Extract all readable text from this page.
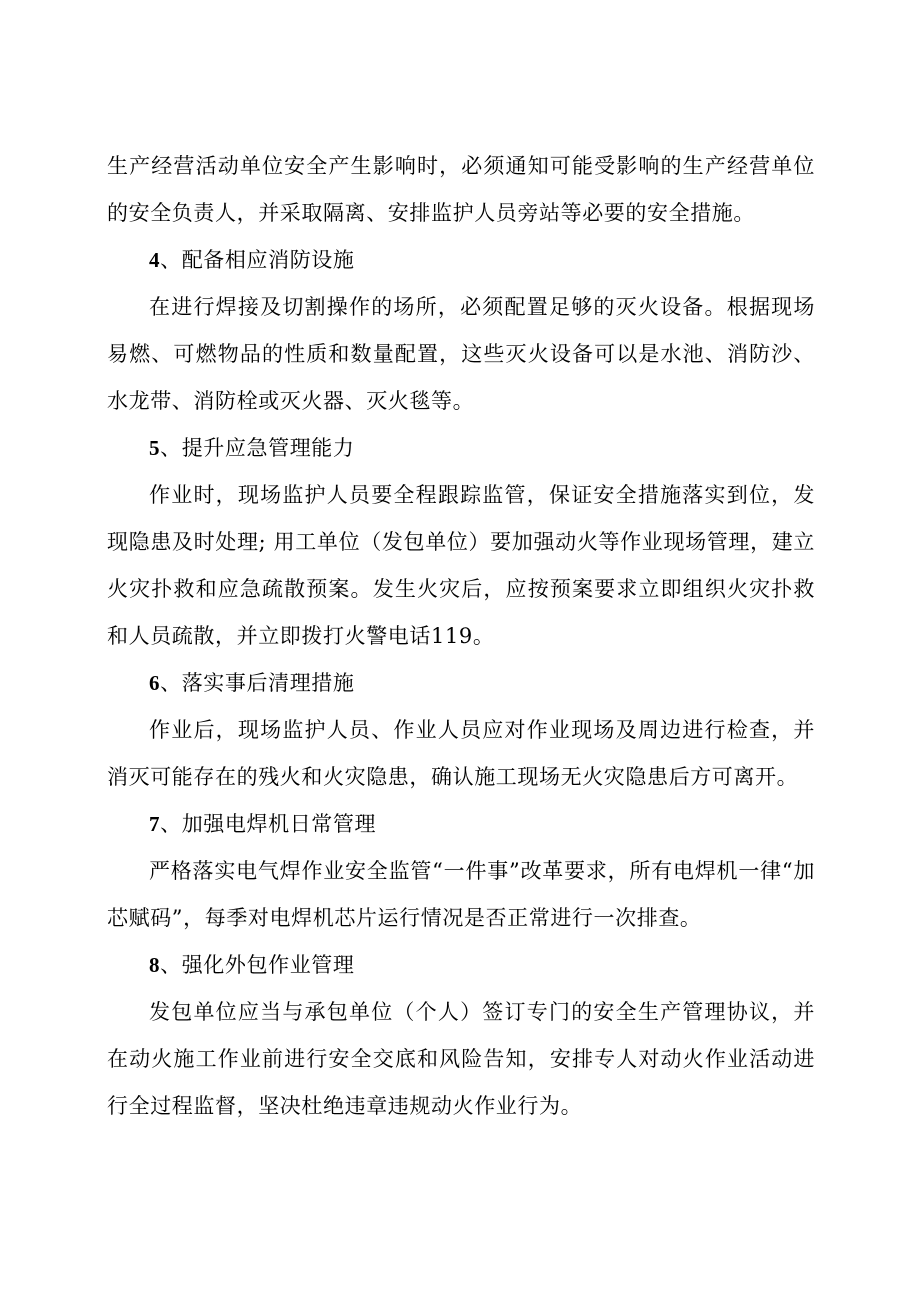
生产经营活动单位安全产生影响时，必须通知可能受影响的生产经营单位的安全负责人，并采取隔离、安排监护人员旁站等必要的安全措施。

4、配备相应消防设施

在进行焊接及切割操作的场所，必须配置足够的灭火设备。根据现场易燃、可燃物品的性质和数量配置，这些灭火设备可以是水池、消防沙、水龙带、消防栓或灭火器、灭火毯等。

5、提升应急管理能力

作业时，现场监护人员要全程跟踪监管，保证安全措施落实到位，发现隐患及时处理; 用工单位（发包单位）要加强动火等作业现场管理，建立火灾扑救和应急疏散预案。发生火灾后，应按预案要求立即组织火灾扑救和人员疏散，并立即拨打火警电话119。

6、落实事后清理措施

作业后，现场监护人员、作业人员应对作业现场及周边进行检查，并消灭可能存在的残火和火灾隐患，确认施工现场无火灾隐患后方可离开。

7、加强电焊机日常管理

严格落实电气焊作业安全监管“一件事”改革要求，所有电焊机一律“加芯赋码”，每季对电焊机芯片运行情况是否正常进行一次排查。

8、强化外包作业管理

发包单位应当与承包单位（个人）签订专门的安全生产管理协议，并在动火施工作业前进行安全交底和风险告知，安排专人对动火作业活动进行全过程监督，坚决杜绝违章违规动火作业行为。
